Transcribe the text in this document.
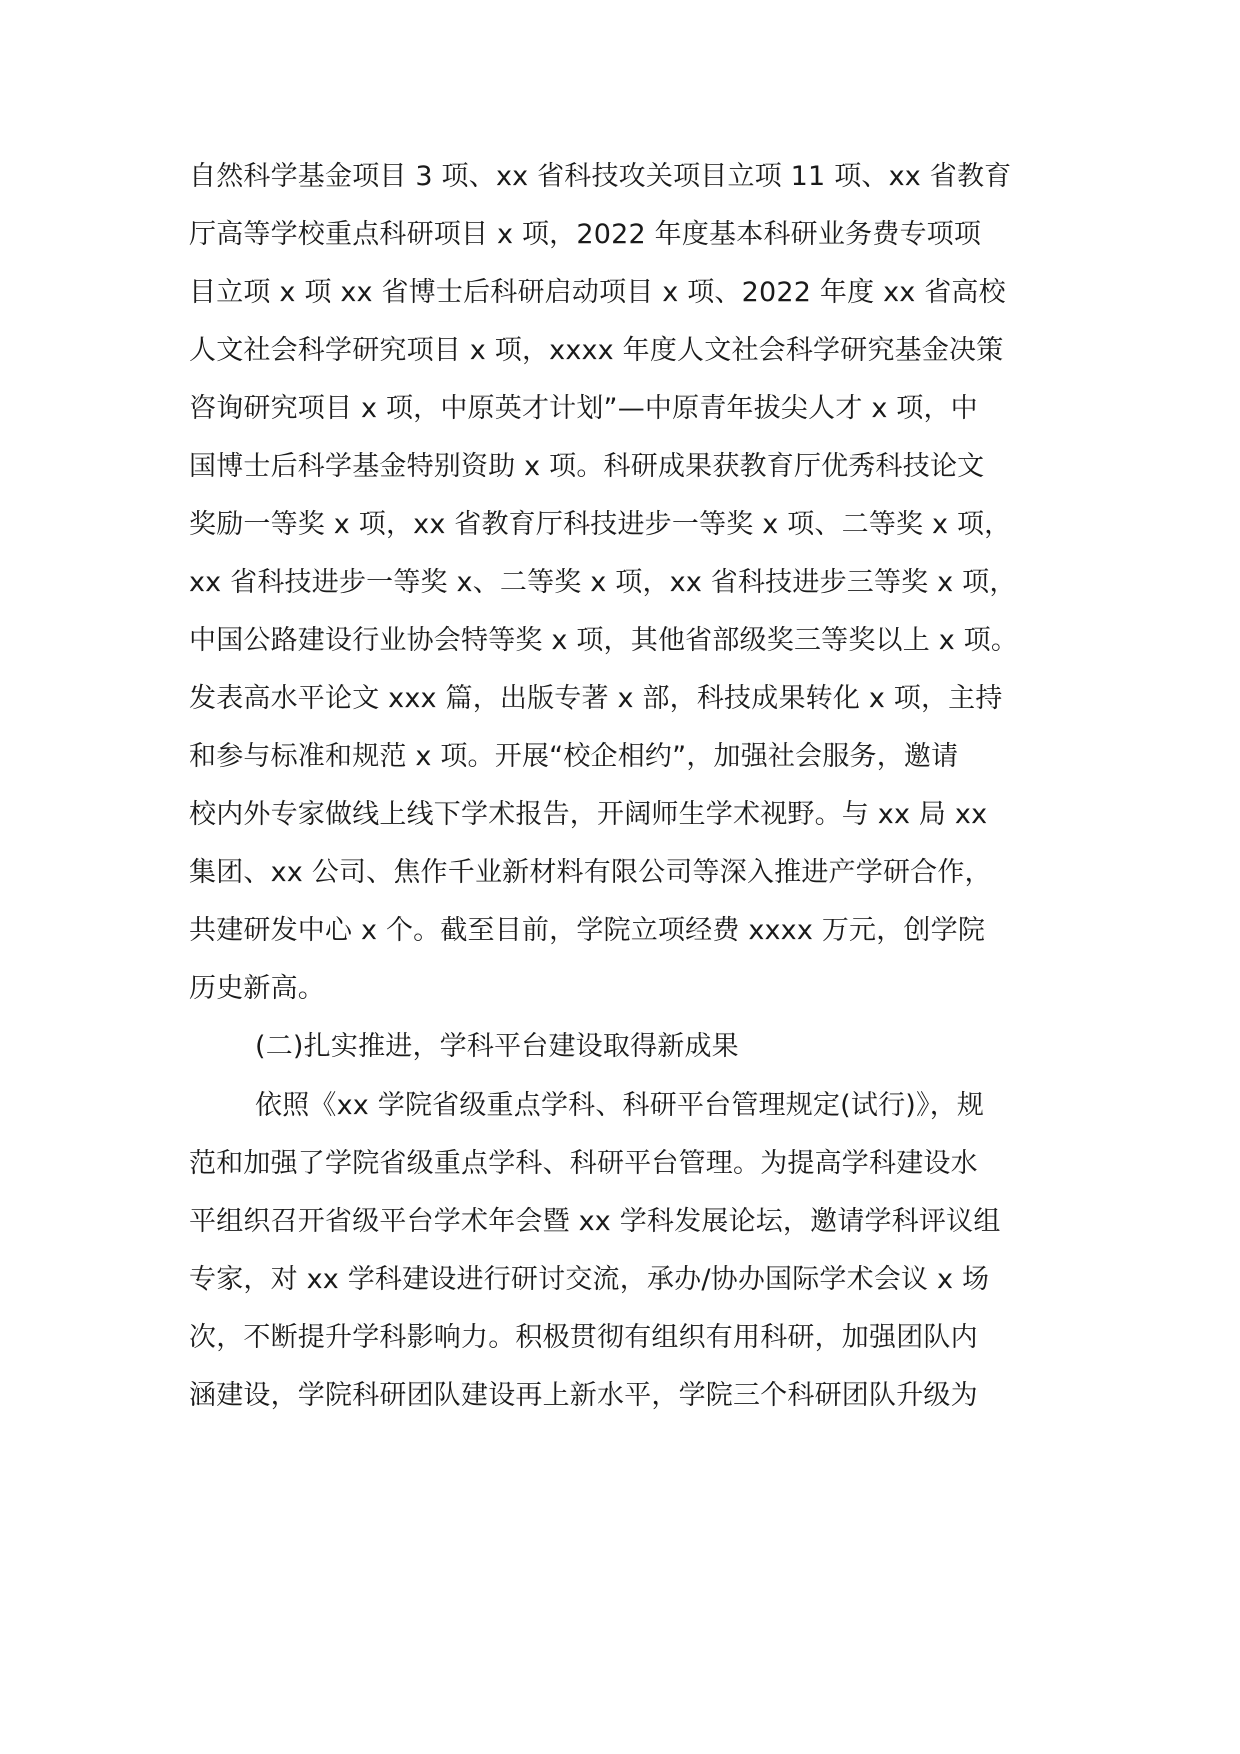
自然科学基金项目 3 项、xx 省科技攻关项目立项 11 项、xx 省教育
厅高等学校重点科研项目 x 项，2022 年度基本科研业务费专项项
目立项 x 项 xx 省博士后科研启动项目 x 项、2022 年度 xx 省高校
人文社会科学研究项目 x 项，xxxx 年度人文社会科学研究基金决策
咨询研究项目 x 项，中原英才计划”—中原青年拔尖人才 x 项，中
国博士后科学基金特别资助 x 项。科研成果获教育厅优秀科技论文
奖励一等奖 x 项，xx 省教育厅科技进步一等奖 x 项、二等奖 x 项，
xx 省科技进步一等奖 x、二等奖 x 项，xx 省科技进步三等奖 x 项，
中国公路建设行业协会特等奖 x 项，其他省部级奖三等奖以上 x 项。
发表高水平论文 xxx 篇，出版专著 x 部，科技成果转化 x 项，主持
和参与标准和规范 x 项。开展“校企相约”，加强社会服务，邀请
校内外专家做线上线下学术报告，开阔师生学术视野。与 xx 局 xx
集团、xx 公司、焦作千业新材料有限公司等深入推进产学研合作，
共建研发中心 x 个。截至目前，学院立项经费 xxxx 万元，创学院
历史新高。
(二)扎实推进，学科平台建设取得新成果
依照《xx 学院省级重点学科、科研平台管理规定(试行)》，规
范和加强了学院省级重点学科、科研平台管理。为提高学科建设水
平组织召开省级平台学术年会暨 xx 学科发展论坛，邀请学科评议组
专家，对 xx 学科建设进行研讨交流，承办/协办国际学术会议 x 场
次，不断提升学科影响力。积极贯彻有组织有用科研，加强团队内
涵建设，学院科研团队建设再上新水平，学院三个科研团队升级为
